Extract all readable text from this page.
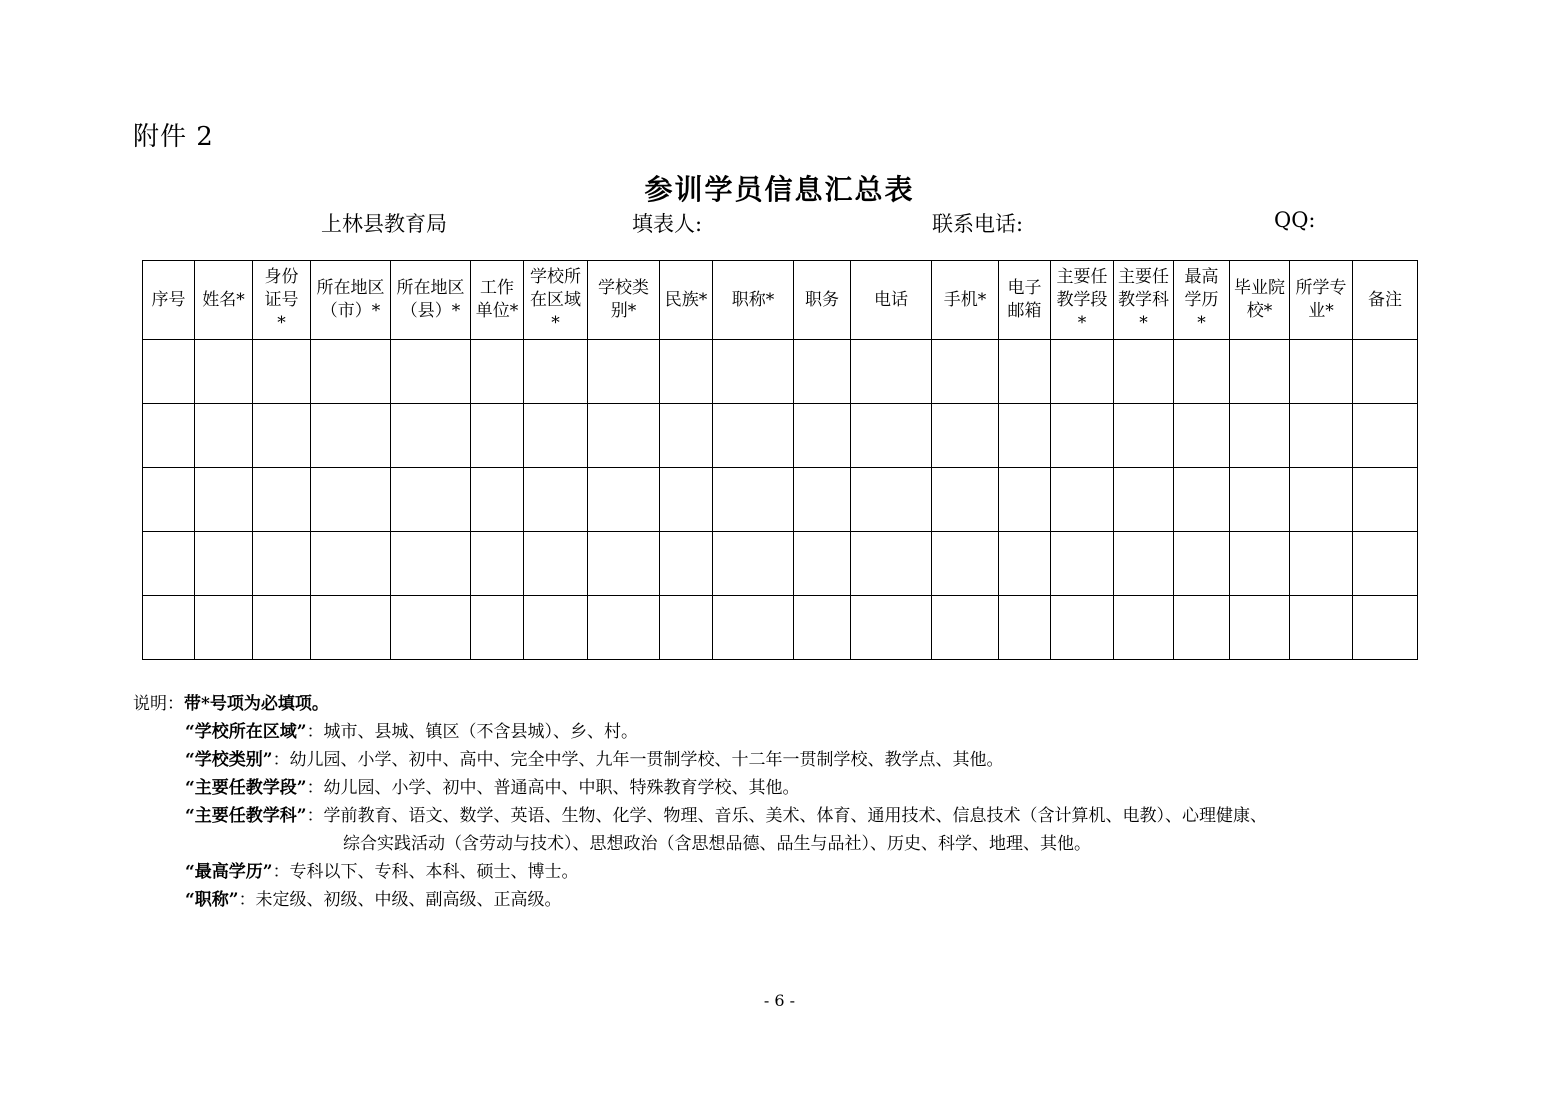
附件 2
参训学员信息汇总表
上林县教育局	填表人:	联系电话:	QQ:
序号	姓名*	身份证号*	所在地区（市）*	所在地区（县）*	工作单位*	学校所在区域*	学校类别*	民族*	职称*	职务	电话	手机*	电子邮箱	主要任教学段*	主要任教学科*	最高学历*	毕业院校*	所学专业*	备注

说明：带*号项为必填项。
“学校所在区域”：城市、县城、镇区（不含县城）、乡、村。
“学校类别”：幼儿园、小学、初中、高中、完全中学、九年一贯制学校、十二年一贯制学校、教学点、其他。
“主要任教学段”：幼儿园、小学、初中、普通高中、中职、特殊教育学校、其他。
“主要任教学科”：学前教育、语文、数学、英语、生物、化学、物理、音乐、美术、体育、通用技术、信息技术（含计算机、电教）、心理健康、
综合实践活动（含劳动与技术）、思想政治（含思想品德、品生与品社）、历史、科学、地理、其他。
“最高学历”：专科以下、专科、本科、硕士、博士。
“职称”：未定级、初级、中级、副高级、正高级。
- 6 -
